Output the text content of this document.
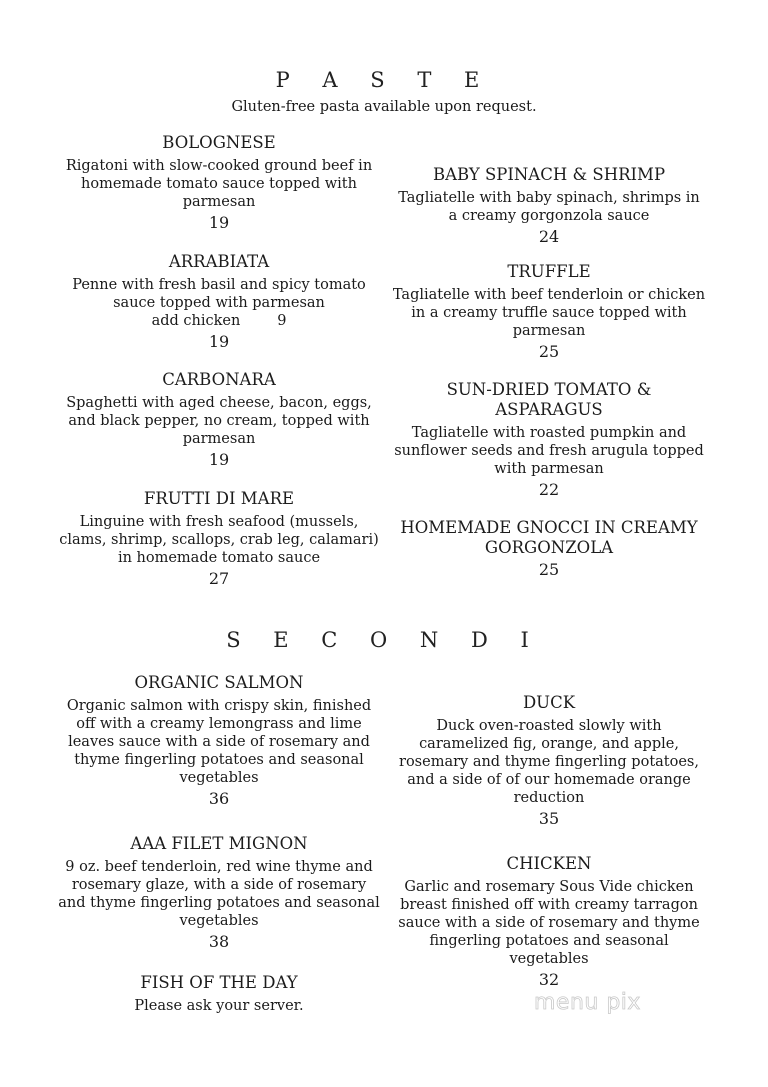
P A S T E
Gluten-free pasta available upon request.
BOLOGNESE
Rigatoni with slow-cooked ground beef in homemade tomato sauce topped with parmesan
19
ARRABIATA
Penne with fresh basil and spicy tomato sauce topped with parmesan
add chicken        9
19
CARBONARA
Spaghetti with aged cheese, bacon, eggs, and black pepper, no cream, topped with parmesan
19
FRUTTI DI MARE
Linguine with fresh seafood (mussels, clams, shrimp, scallops, crab leg, calamari) in homemade tomato sauce
27
BABY SPINACH & SHRIMP
Tagliatelle with baby spinach, shrimps in a creamy gorgonzola sauce
24
TRUFFLE
Tagliatelle with beef tenderloin or chicken in a creamy truffle sauce topped with parmesan
25
SUN-DRIED TOMATO & ASPARAGUS
Tagliatelle with roasted pumpkin and sunflower seeds and fresh arugula topped with parmesan
22
HOMEMADE GNOCCI IN CREAMY GORGONZOLA
25
S E C O N D I
ORGANIC SALMON
Organic salmon with crispy skin, finished off with a creamy lemongrass and lime leaves sauce with a side of rosemary and thyme fingerling potatoes and seasonal vegetables
36
AAA FILET MIGNON
9 oz. beef tenderloin, red wine thyme and rosemary glaze, with a side of rosemary and thyme fingerling potatoes and seasonal vegetables
38
FISH OF THE DAY
Please ask your server.
DUCK
Duck oven-roasted slowly with caramelized fig, orange, and apple, rosemary and thyme fingerling potatoes, and a side of of our homemade orange reduction
35
CHICKEN
Garlic and rosemary Sous Vide chicken breast finished off with creamy tarragon sauce with a side of rosemary and thyme fingerling potatoes and seasonal vegetables
32
menu pix
